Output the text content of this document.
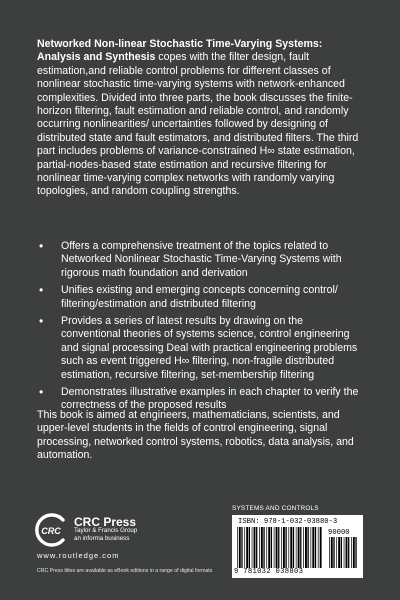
Networked Non-linear Stochastic Time-Varying Systems: Analysis and Synthesis copes with the filter design, fault estimation,and reliable control problems for different classes of nonlinear stochastic time-varying systems with network-enhanced complexities. Divided into three parts, the book discusses the finite-horizon filtering, fault estimation and reliable control, and randomly occurring nonlinearities/ uncertainties followed by designing of distributed state and fault estimators, and distributed filters. The third part includes problems of variance-constrained H∞ state estimation, partial-nodes-based state estimation and recursive filtering for nonlinear time-varying complex networks with randomly varying topologies, and random coupling strengths.

• Offers a comprehensive treatment of the topics related to Networked Nonlinear Stochastic Time-Varying Systems with rigorous math foundation and derivation
• Unifies existing and emerging concepts concerning control/ filtering/estimation and distributed filtering
• Provides a series of latest results by drawing on the conventional theories of systems science, control engineering and signal processing Deal with practical engineering problems such as event triggered H∞ filtering, non-fragile distributed estimation, recursive filtering, set-membership filtering
• Demonstrates illustrative examples in each chapter to verify the correctness of the proposed results

This book is aimed at engineers, mathematicians, scientists, and upper-level students in the fields of control engineering, signal processing, networked control systems, robotics, data analysis, and automation.

CRC
CRC Press
Taylor & Francis Group
an informa business
www.routledge.com
CRC Press titles are available as eBook editions in a range of digital formats
SYSTEMS AND CONTROLS
ISBN: 978-1-032-03880-3
90000
9 781032 038803
